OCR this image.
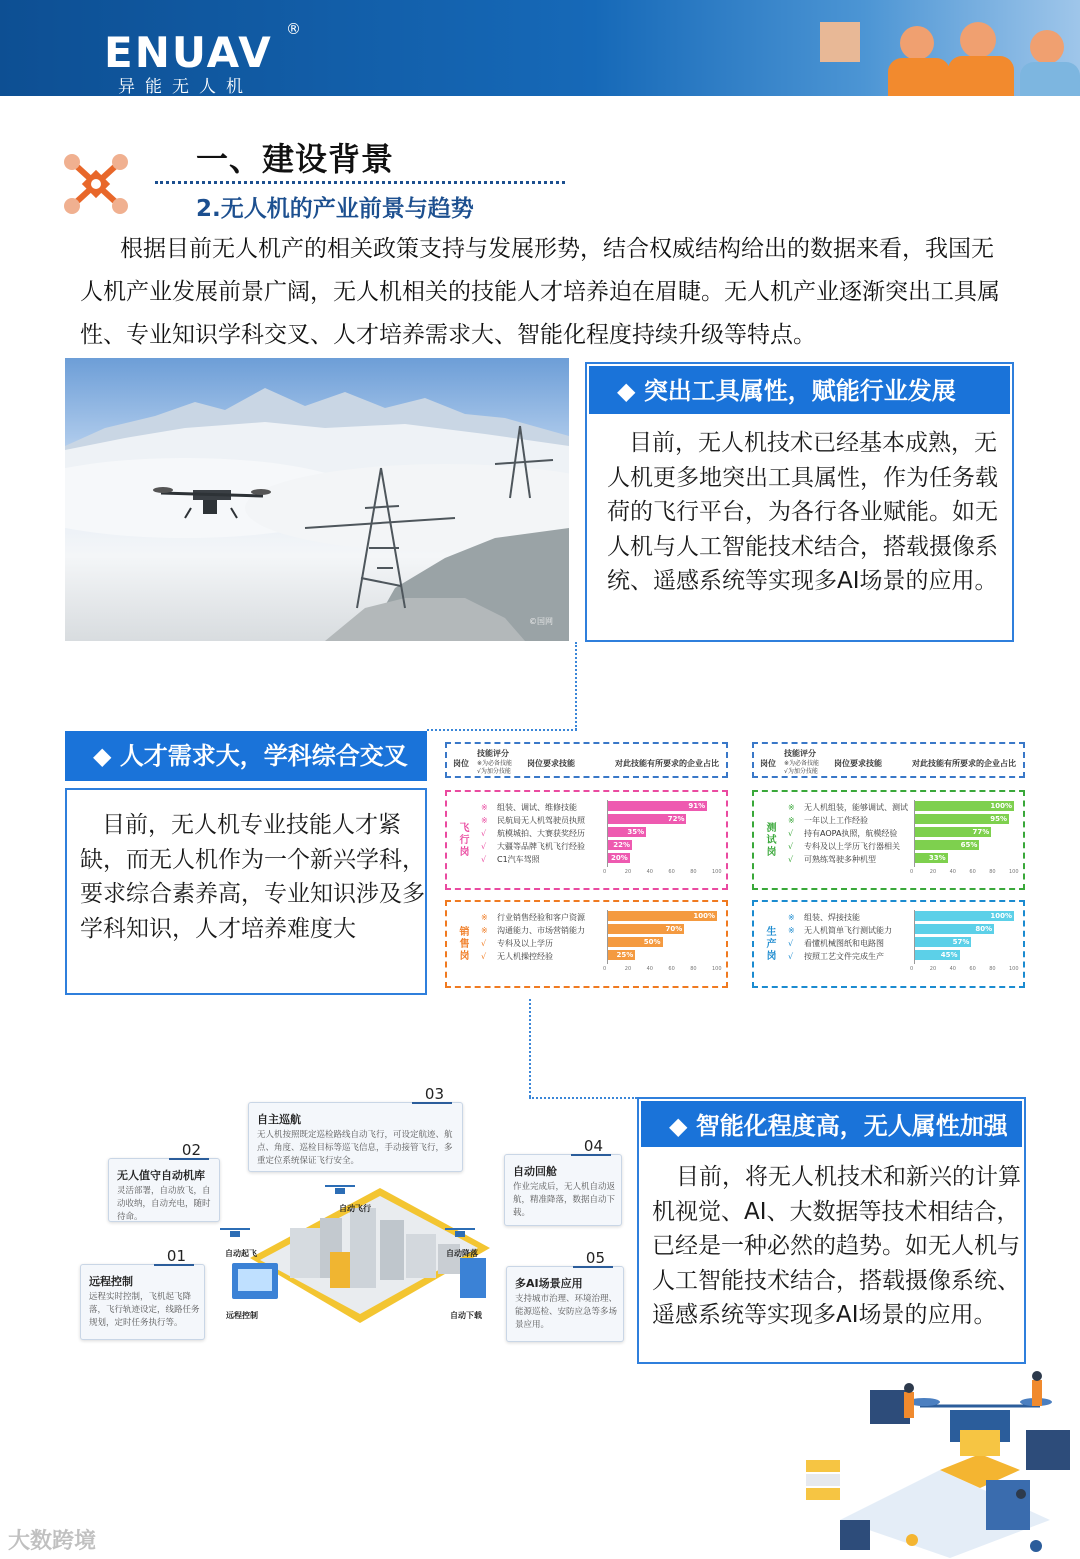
ENUAV ®
异能无人机
一、建设背景
2.无人机的产业前景与趋势
根据目前无人机产的相关政策支持与发展形势，结合权威结构给出的数据来看，我国无人机产业发展前景广阔，无人机相关的技能人才培养迫在眉睫。无人机产业逐渐突出工具属性、专业知识学科交叉、人才培养需求大、智能化程度持续升级等特点。
©国网
◆ 突出工具属性，赋能行业发展
目前，无人机技术已经基本成熟，无人机更多地突出工具属性，作为任务载荷的飞行平台，为各行各业赋能。如无人机与人工智能技术结合，搭载摄像系统、遥感系统等实现多AI场景的应用。
◆ 人才需求大，学科综合交叉
目前，无人机专业技能人才紧缺，而无人机作为一个新兴学科，要求综合素养高，专业知识涉及多学科知识，人才培养难度大
岗位
技能评分
※为必备技能
√为加分技能
岗位要求技能	对此技能有所要求的企业占比
飞行岗
※ 组装、调试、维修技能
※ 民航局无人机驾驶员执照
√ 航模城拍、大赛获奖经历
√ 大疆等品牌飞机飞行经验
√ C1汽车驾照
91%
72%
35%
22%
20%
0	20	40	60	80	100
销售岗
※ 行业销售经验和客户资源
※ 沟通能力、市场营销能力
√ 专科及以上学历
√ 无人机操控经验
100%
70%
50%
25%
0	20	40	60	80	100
岗位
技能评分
※为必备技能
√为加分技能
岗位要求技能	对此技能有所要求的企业占比
测试岗
※ 无人机组装，能够调试、测试
※ 一年以上工作经验
√ 持有AOPA执照，航模经验
√ 专科及以上学历飞行器相关
√ 可熟练驾驶多种机型
100%
95%
77%
65%
33%
0	20	40	60	80	100
生产岗
※ 组装、焊接技能
※ 无人机简单飞行测试能力
√ 看懂机械图纸和电路图
√ 按照工艺文件完成生产
100%
80%
57%
45%
0	20	40	60	80	100
◆ 智能化程度高，无人属性加强
目前，将无人机技术和新兴的计算机视觉、AI、大数据等技术相结合，已经是一种必然的趋势。如无人机与人工智能技术结合，搭载摄像系统、遥感系统等实现多AI场景的应用。
自动飞行
自动起飞	自动降落
远程控制	自动下载
01
远程控制
远程实时控制，飞机起飞降落，飞行轨迹设定，线路任务规划，定时任务执行等。
02
无人值守自动机库
灵活部署，自动放飞，自动收纳，自动充电，随时待命。
03
自主巡航
无人机按照既定巡检路线自动飞行，可设定航迹、航点、角度、巡检目标等巡飞信息，手动接管飞行，多重定位系统保证飞行安全。
04
自动回舱
作业完成后，无人机自动返航，精准降落，数据自动下载。
05
多AI场景应用
支持城市治理、环境治理、能源巡检、安防应急等多场景应用。
大数跨境
